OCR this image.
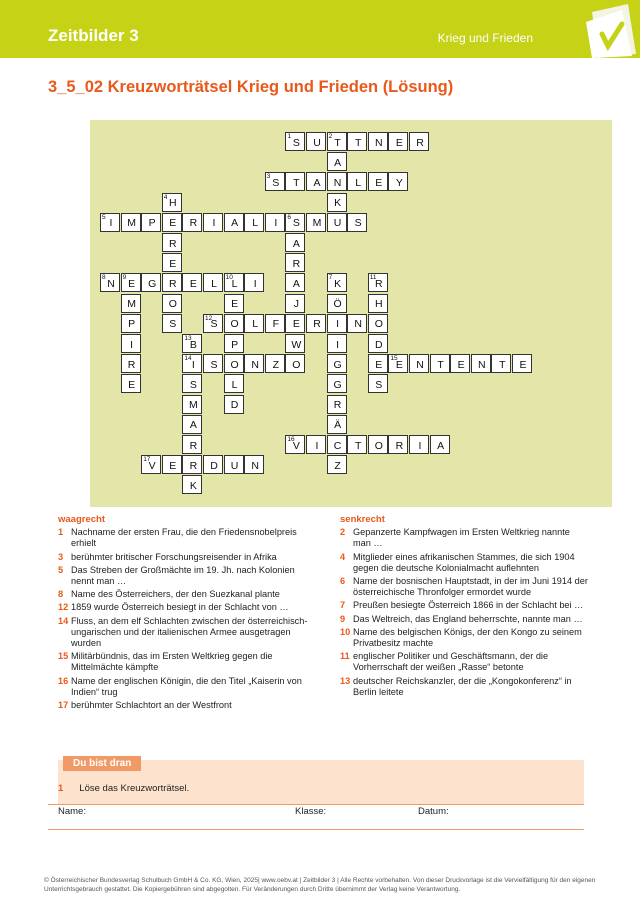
Zeitbilder 3	Krieg und Frieden
3_5_02 Kreuzworträtsel Krieg und Frieden (Lösung)
1 S U 2 T T N E R
3 S T A N L E Y
5 I M P E R I A L I 6 S M U S
8 N 9 E G R E L 10
L I
12
S O L F E R I N O
14 I S O N Z O	15
E N T E N T E
16
V I C T O R I A
17
V E R D U N
A
K
4 H
R
E
O
S
A
R
A
J
W
7 K
Ö
I
G
G
R
Ä
Z
M
P
I
R
E
E
P
L
D
11
R
H
D
E
S
13
B
S
M
A
R
K
waagrecht
1 Nachname der ersten Frau, die den Friedensnobelpreis erhielt
3 berühmter britischer Forschungsreisender in Afrika
5 Das Streben der Großmächte im 19. Jh. nach Kolonien nennt man …
8 Name des Österreichers, der den Suezkanal plante
12 1859 wurde Österreich besiegt in der Schlacht von …
14 Fluss, an dem elf Schlachten zwischen der österreichisch-ungarischen und der italienischen Armee ausgetragen wurden
15 Militärbündnis, das im Ersten Weltkrieg gegen die Mittelmächte kämpfte
16 Name der englischen Königin, die den Titel „Kaiserin von Indien“ trug
17 berühmter Schlachtort an der Westfront
senkrecht
2 Gepanzerte Kampfwagen im Ersten Weltkrieg nannte man …
4 Mitglieder eines afrikanischen Stammes, die sich 1904 gegen die deutsche Kolonialmacht auflehnten
6 Name der bosnischen Hauptstadt, in der im Juni 1914 der österreichische Thronfolger ermordet wurde
7 Preußen besiegte Österreich 1866 in der Schlacht bei …
9 Das Weltreich, das England beherrschte, nannte man …
10 Name des belgischen Königs, der den Kongo zu seinem Privatbesitz machte
11 englischer Politiker und Geschäftsmann, der die Vorherrschaft der weißen „Rasse“ betonte
13 deutscher Reichskanzler, der die „Kongokonferenz“ in Berlin leitete
Du bist dran
1 Löse das Kreuzworträtsel.
Name:	Klasse:	Datum:
© Österreichischer Bundesverlag Schulbuch GmbH & Co. KG, Wien, 2025| www.oebv.at | Zeitbilder 3 | Alle Rechte vorbehalten. Von dieser Druckvorlage ist die Vervielfältigung für den eigenen Unterrichtsgebrauch gestattet. Die Kopiergebühren sind abgegolten. Für Veränderungen durch Dritte übernimmt der Verlag keine Verantwortung.
